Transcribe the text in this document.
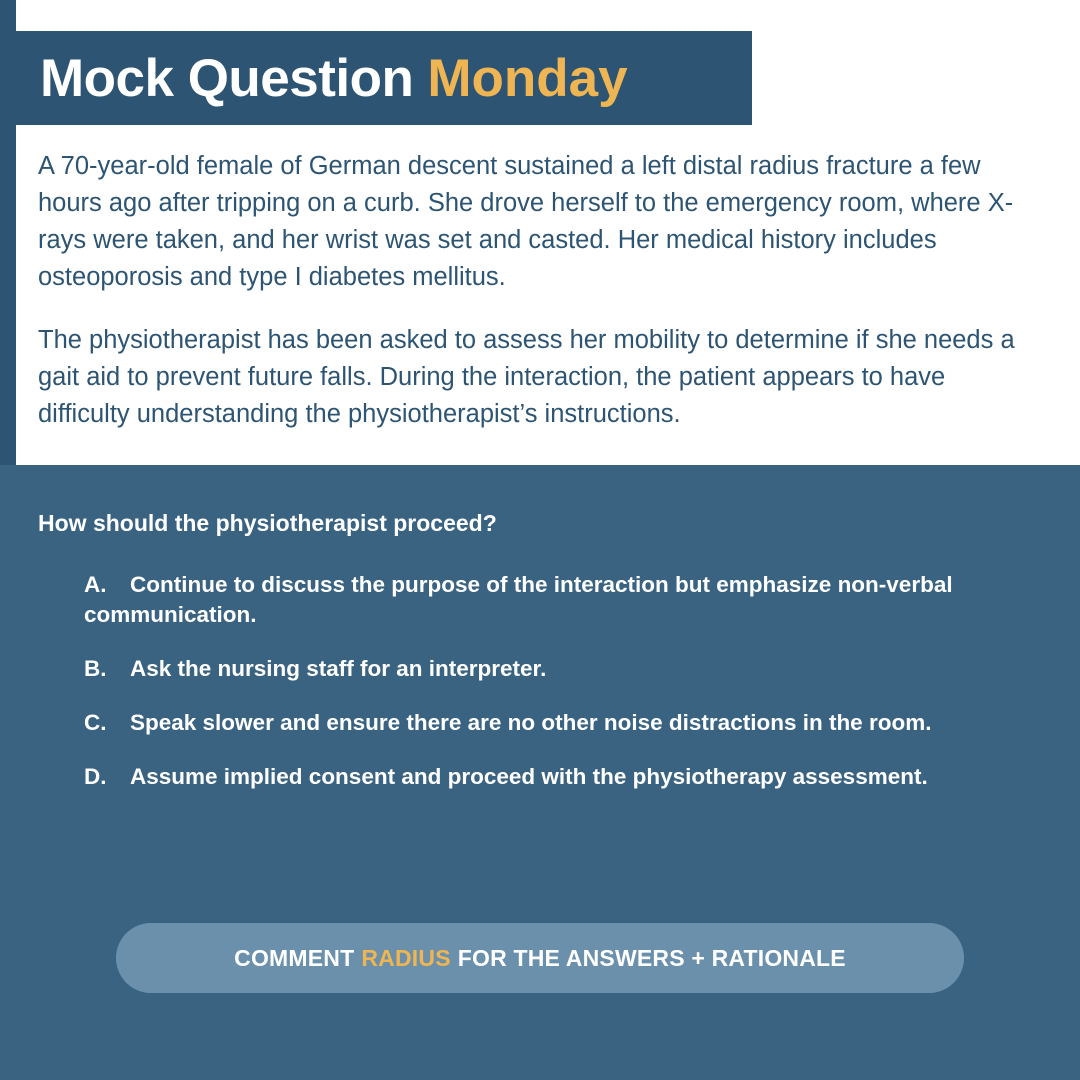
Mock Question Monday

A 70-year-old female of German descent sustained a left distal radius fracture a few hours ago after tripping on a curb. She drove herself to the emergency room, where X-rays were taken, and her wrist was set and casted. Her medical history includes osteoporosis and type I diabetes mellitus.

The physiotherapist has been asked to assess her mobility to determine if she needs a gait aid to prevent future falls. During the interaction, the patient appears to have difficulty understanding the physiotherapist’s instructions.

How should the physiotherapist proceed?
A. Continue to discuss the purpose of the interaction but emphasize non-verbal communication.
B. Ask the nursing staff for an interpreter.
C. Speak slower and ensure there are no other noise distractions in the room.
D. Assume implied consent and proceed with the physiotherapy assessment.
COMMENT RADIUS FOR THE ANSWERS + RATIONALE
